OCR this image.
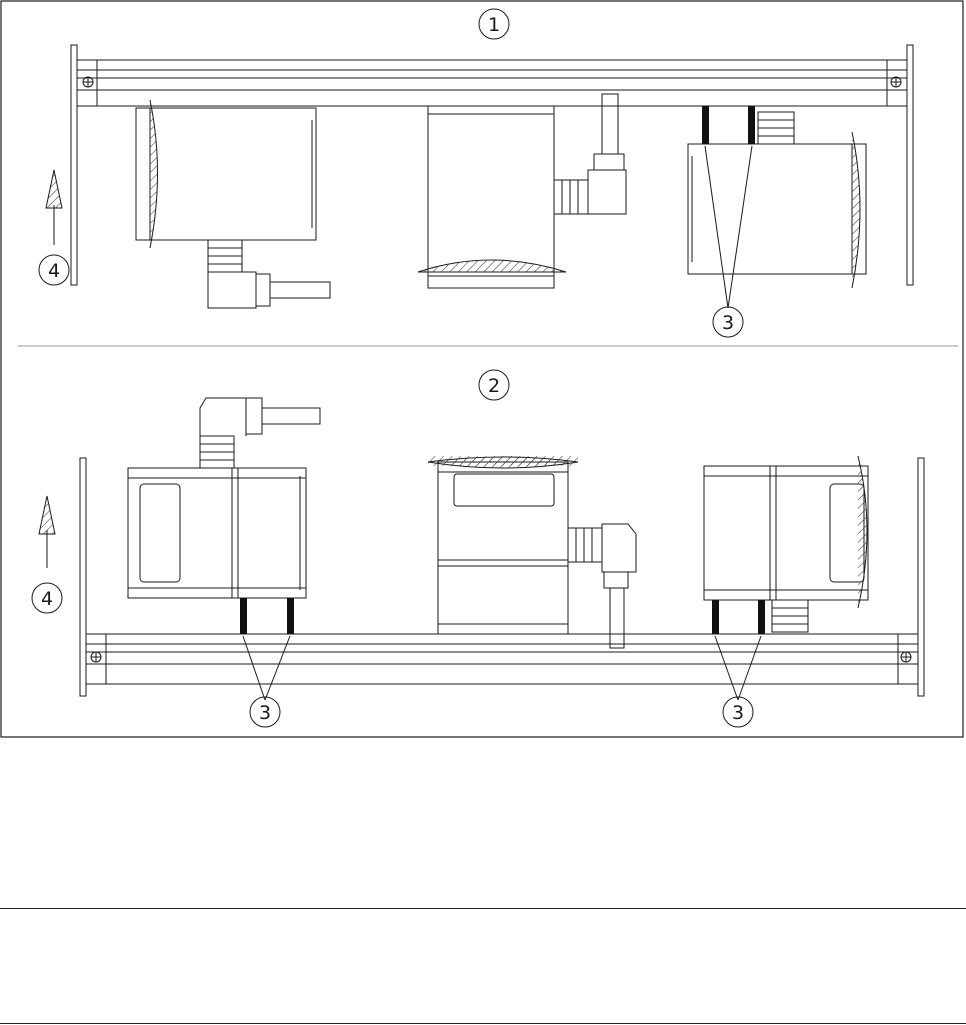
1
3
4
2
3	3
4
